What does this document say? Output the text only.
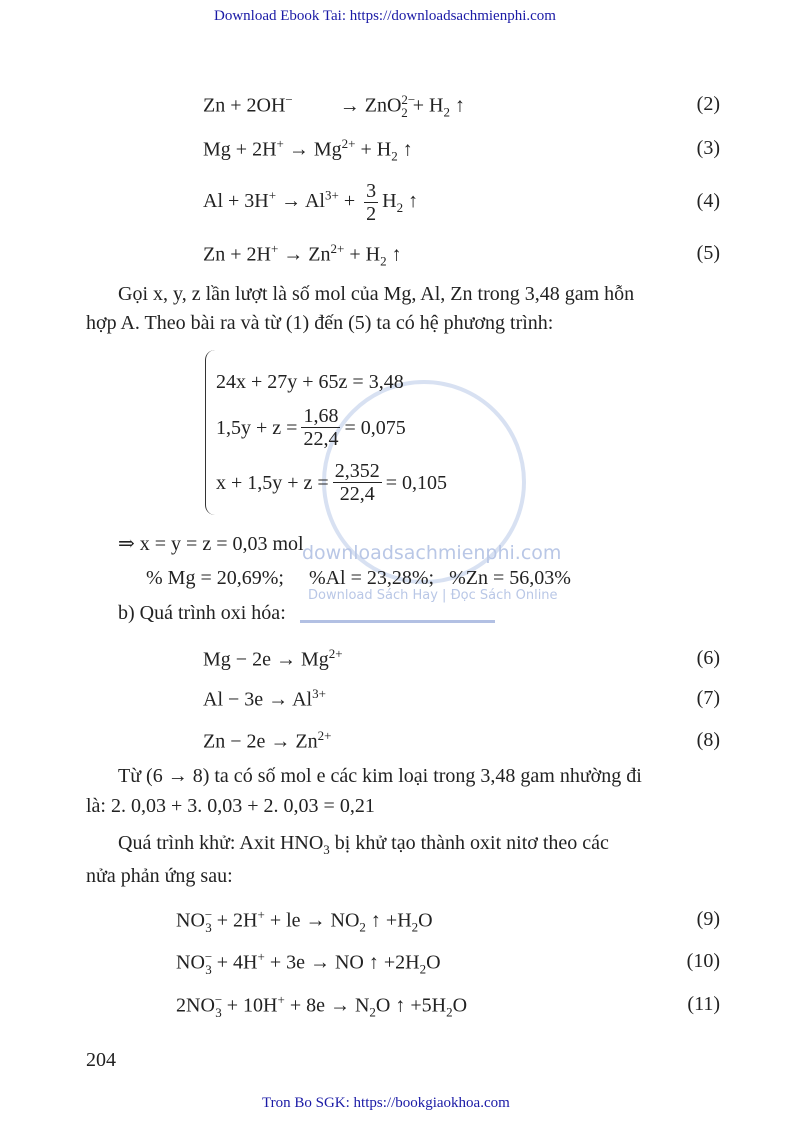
Download Ebook Tai: https://downloadsachmienphi.com
downloadsachmienphi.com
Download Sách Hay | Đọc Sách Online
$Zn + 2OH^- \to ZnO^{2-}_2 + H_2$ ↑	(2)
$Mg + 2H^+ \to Mg^{2+} + H_2$ ↑	(3)
$Al + 3H^+ \to Al^{3+} + \frac{3}{2} H_2$ ↑	(4)
$Zn + 2H^+ \to Zn^{2+} + H_2$ ↑	(5)
Gọi x, y, z lần lượt là số mol của Mg, Al, Zn trong 3,48 gam hỗn
hợp A. Theo bài ra và từ (1) đến (5) ta có hệ phương trình:
24x + 27y + 65z = 3,48
$1,5y + z = \frac{1,68}{22,4} = 0,075$
$x + 1,5y + z = \frac{2,352}{22,4} = 0,105$
⇒ x = y = z = 0,03 mol
% Mg = 20,69%;     %Al = 23,28%;   %Zn = 56,03%
b) Quá trình oxi hóa:
$Mg - 2e \to Mg^{2+}$	(6)
$Al - 3e \to Al^{3+}$	(7)
$Zn - 2e \to Zn^{2+}$	(8)
Từ (6 → 8) ta có số mol e các kim loại trong 3,48 gam nhường đi
là: 2. 0,03 + 3. 0,03 + 2. 0,03 = 0,21
Quá trình khử: Axit $HNO_3$ bị khử tạo thành oxit nitơ theo các
nửa phản ứng sau:
$NO^-_3 + 2H^+$ + le → $NO_2$ ↑ $+H_2O$	(9)
$NO^-_3 + 4H^+ + 3e$ → NO ↑ $+2H_2O$	(10)
$2NO^-_3 + 10H^+ + 8e \to N_2O$ ↑ $+5H_2O$	(11)
204
Tron Bo SGK: https://bookgiaokhoa.com
